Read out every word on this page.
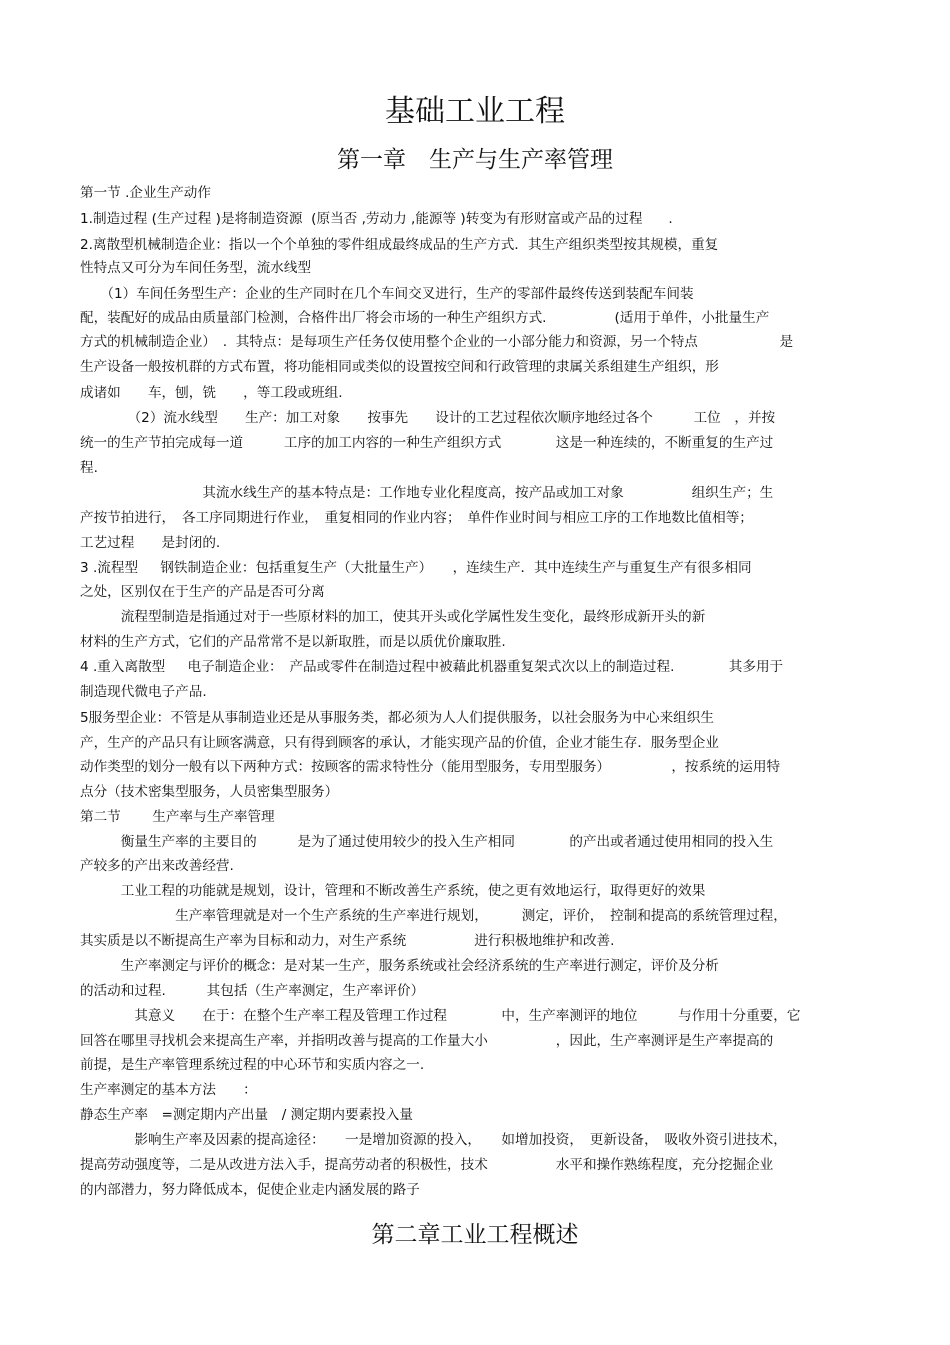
基础工业工程
第一章　生产与生产率管理
第一节 .企业生产动作
1.制造过程 (生产过程 )是将制造资源  (原当否 ,劳动力 ,能源等 )转变为有形财富或产品的过程      .
2.离散型机械制造企业：指以一个个单独的零件组成最终成品的生产方式．其生产组织类型按其规模，重复
性特点又可分为车间任务型，流水线型
　　（1）车间任务型生产：企业的生产同时在几个车间交叉进行，生产的零部件最终传送到装配车间装
配，装配好的成品由质量部门检测，合格件出厂将会市场的一种生产组织方式.　　　　　(适用于单件，小批量生产
方式的机械制造企业）　.  其特点：是每项生产任务仅使用整个企业的一小部分能力和资源，另一个特点　　　　　　是
生产设备一般按机群的方式布置，将功能相同或类似的设置按空间和行政管理的隶属关系组建生产组织，形
成诸如　　车，刨，铣　　，等工段或班组.
　　　　（2）流水线型　　生产：加工对象　　按事先　　设计的工艺过程依次顺序地经过各个　　　工位　，并按
统一的生产节拍完成每一道　　　工序的加工内容的一种生产组织方式　　　　这是一种连续的，不断重复的生产过
程.
　　　　　　　　　其流水线生产的基本特点是：工作地专业化程度高，按产品或加工对象　　　　　组织生产；生
产按节拍进行，　各工序同期进行作业，　重复相同的作业内容；　单件作业时间与相应工序的工作地数比值相等；
工艺过程　　是封闭的.
3 .流程型　  钢铁制造企业：包括重复生产（大批量生产）　　，连续生产．其中连续生产与重复生产有很多相同
之处，区别仅在于生产的产品是否可分离
　　　流程型制造是指通过对于一些原材料的加工，使其开头或化学属性发生变化，最终形成新开头的新
材料的生产方式，它们的产品常常不是以新取胜，而是以质优价廉取胜.
4 .重入离散型　  电子制造企业：　产品或零件在制造过程中被藉此机器重复架式次以上的制造过程.　　　　其多用于
制造现代微电子产品.
5服务型企业：不管是从事制造业还是从事服务类，都必须为人人们提供服务，以社会服务为中心来组织生
产，生产的产品只有让顾客满意，只有得到顾客的承认，才能实现产品的价值，企业才能生存．服务型企业
动作类型的划分一般有以下两种方式：按顾客的需求特性分（能用型服务，专用型服务）　　　　　，按系统的运用特
点分（技术密集型服务，人员密集型服务）
第二节　　 生产率与生产率管理
　　　衡量生产率的主要目的　　　是为了通过使用较少的投入生产相同　　　　的产出或者通过使用相同的投入生
产较多的产出来改善经营.
　　　工业工程的功能就是规划，设计，管理和不断改善生产系统，使之更有效地运行，取得更好的效果
　　　　　　　生产率管理就是对一个生产系统的生产率进行规划，　　　测定，评价，　控制和提高的系统管理过程，
其实质是以不断提高生产率为目标和动力，对生产系统　　　　　进行积极地维护和改善.
　　　生产率测定与评价的概念：是对某一生产，服务系统或社会经济系统的生产率进行测定，评价及分析
的活动和过程.　　　其包括（生产率测定，生产率评价）
　　　　其意义　　在于：在整个生产率工程及管理工作过程　　　　中，生产率测评的地位　　　与作用十分重要，它
回答在哪里寻找机会来提高生产率，并指明改善与提高的工作量大小　　　　　，因此，生产率测评是生产率提高的
前提，是生产率管理系统过程的中心环节和实质内容之一.
生产率测定的基本方法　　：
静态生产率　=测定期内产出量　/ 测定期内要素投入量
　　　　影响生产率及因素的提高途径：　　一是增加资源的投入，　　如增加投资，　更新设备，　吸收外资引进技术，
提高劳动强度等，二是从改进方法入手，提高劳动者的积极性，技术　　　　　水平和操作熟练程度，充分挖掘企业
的内部潜力，努力降低成本，促使企业走内涵发展的路子
第二章工业工程概述
